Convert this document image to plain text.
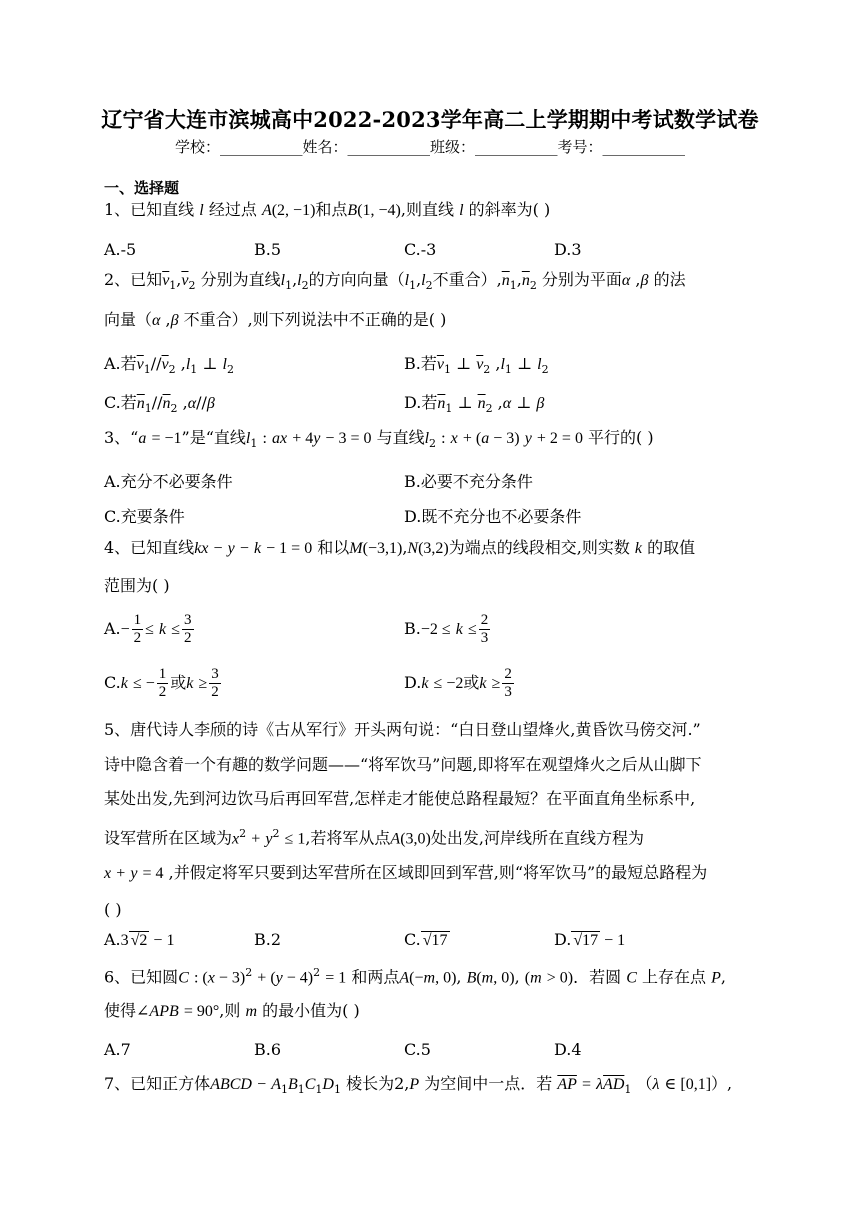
辽宁省大连市滨城高中2022-2023学年高二上学期期中考试数学试卷
学校：___________姓名：___________班级：___________考号：___________
一、选择题
1、已知直线 l 经过点 A(2, −1)和点B(1, −4),则直线 l 的斜率为( )
A.-5	B.5	C.-3	D.3
2、已知$\overline{v}_1,\overline{v}_2$ 分别为直线$l_1,l_2$的方向向量（$l_1,l_2$不重合）$,\overline{n}_1,\overline{n}_2$ 分别为平面α ,β 的法
向量（α ,β 不重合）,则下列说法中不正确的是( )
A.若$\overline{v}_1//\overline{v}_2$ $,l_1$ ⊥ $l_2$	B.若$\overline{v}_1$ ⊥ $\overline{v}_2$ $,l_1$ ⊥ $l_2$
C.若$\overline{n}_1//\overline{n}_2$ ,α//β	D.若$\overline{n}_1$ ⊥ $\overline{n}_2$ ,α ⊥ β
3、“a = −1”是“直线$l_1$ : ax + 4y − 3 = 0 与直线$l_2$ : x + (a − 3) y + 2 = 0 平行的( )
A.充分不必要条件	B.必要不充分条件
C.充要条件	D.既不充分也不必要条件
4、已知直线kx − y − k − 1 = 0 和以M(−3,1),N(3,2)为端点的线段相交,则实数 k 的取值
范围为( )
$A.- \frac{1}{2} \le k \le \frac{3}{2}$	$B.-2 \le k \le \frac{2}{3}$
C.k ≤ − $\frac{1}{2}$ 或$k \ge \frac{3}{2}$	D.k ≤ −2或$k \ge \frac{2}{3}$
5、唐代诗人李颀的诗《古从军行》开头两句说：“白日登山望烽火,黄昏饮马傍交河.”
诗中隐含着一个有趣的数学问题——“将军饮马”问题,即将军在观望烽火之后从山脚下
某处出发,先到河边饮马后再回军营,怎样走才能使总路程最短？在平面直角坐标系中,
设军营所在区域为$x^2 + y^2 \le 1$,若将军从点A(3,0)处出发,河岸线所在直线方程为
x + y = 4 ,并假定将军只要到达军营所在区域即回到军营,则“将军饮马”的最短总路程为
( )
A.3 √2 − 1	B.2	C. √17	D. √17 − 1
6、已知圆C : $(x - 3)^2 + (y - 4)^2 = 1$ 和两点A(−m, 0), B(m, 0), (m > 0)．若圆 C 上存在点 P,
使得∠APB = 90°,则 m 的最小值为( )
A.7	B.6	C.5	D.4
7、已知正方体ABCD − $A_1B_1C_1D_1$ 棱长为2,P 为空间中一点．若 $\overline{AP} = \lambda\overline{AD}_1$ （λ ∈ [0,1]）,
